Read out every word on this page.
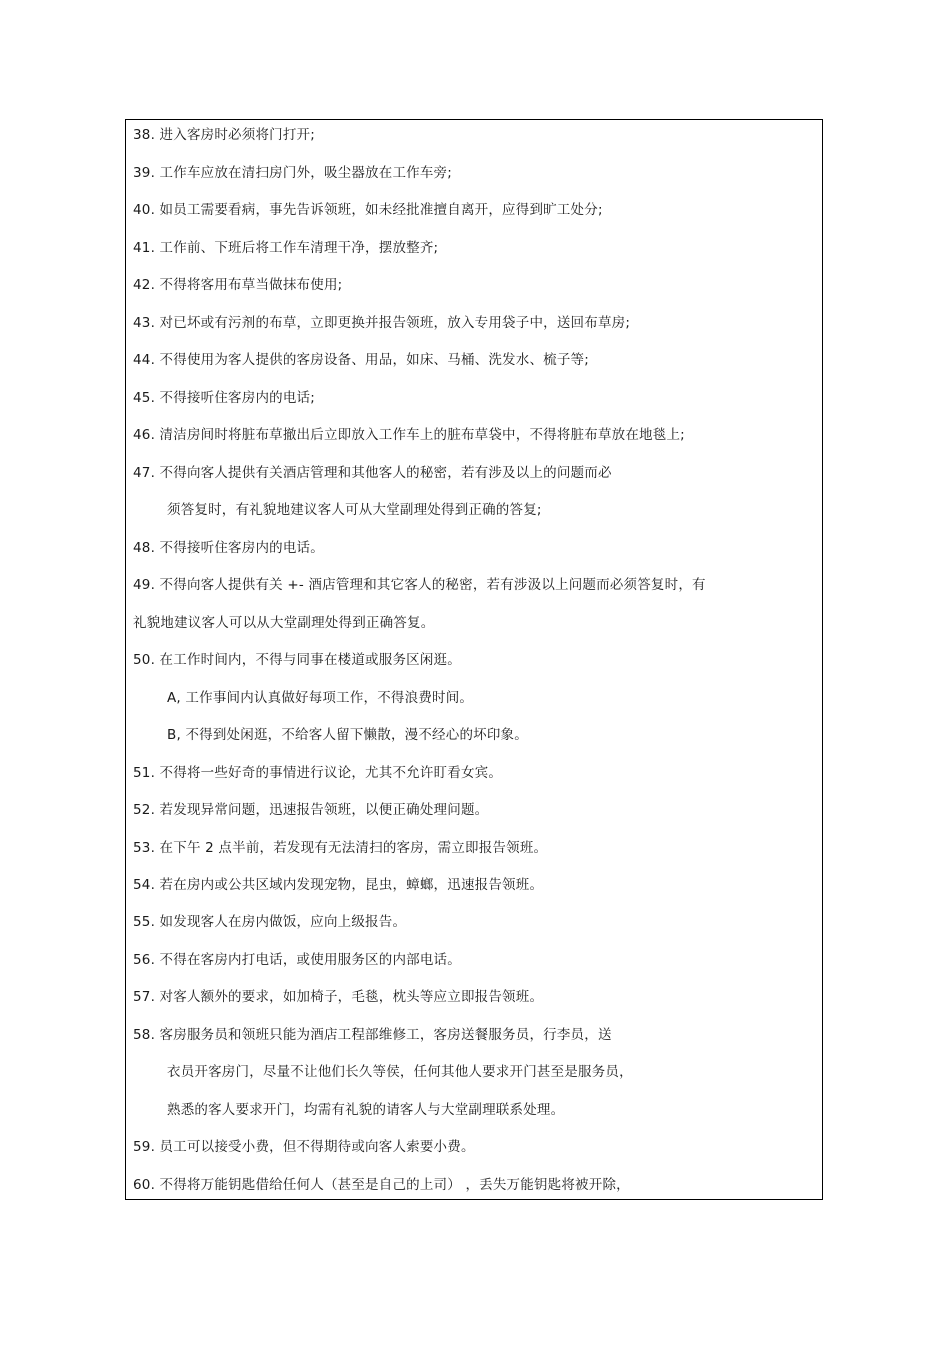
38. 进入客房时必须将门打开;
39. 工作车应放在清扫房门外，吸尘器放在工作车旁;
40. 如员工需要看病，事先告诉领班，如未经批准擅自离开，应得到旷工处分;
41. 工作前、下班后将工作车清理干净，摆放整齐;
42. 不得将客用布草当做抹布使用;
43. 对已坏或有污剂的布草，立即更换并报告领班，放入专用袋子中，送回布草房;
44. 不得使用为客人提供的客房设备、用品，如床、马桶、洗发水、梳子等;
45. 不得接听住客房内的电话;
46. 清洁房间时将脏布草撤出后立即放入工作车上的脏布草袋中，不得将脏布草放在地毯上;
47. 不得向客人提供有关酒店管理和其他客人的秘密，若有涉及以上的问题而必
须答复时，有礼貌地建议客人可从大堂副理处得到正确的答复;
48. 不得接听住客房内的电话。
49. 不得向客人提供有关 +- 酒店管理和其它客人的秘密，若有涉汲以上问题而必须答复时，有
礼貌地建议客人可以从大堂副理处得到正确答复。
50. 在工作时间内，不得与同事在楼道或服务区闲逛。
A, 工作事间内认真做好每项工作，不得浪费时间。
B, 不得到处闲逛，不给客人留下懒散，漫不经心的坏印象。
51. 不得将一些好奇的事情进行议论，尤其不允许盯看女宾。
52. 若发现异常问题，迅速报告领班，以便正确处理问题。
53. 在下午 2 点半前，若发现有无法清扫的客房，需立即报告领班。
54. 若在房内或公共区域内发现宠物，昆虫，蟑螂，迅速报告领班。
55. 如发现客人在房内做饭，应向上级报告。
56. 不得在客房内打电话，或使用服务区的内部电话。
57. 对客人额外的要求，如加椅子，毛毯，枕头等应立即报告领班。
58. 客房服务员和领班只能为酒店工程部维修工，客房送餐服务员，行李员，送
衣员开客房门，尽量不让他们长久等侯，任何其他人要求开门甚至是服务员，
熟悉的客人要求开门，均需有礼貌的请客人与大堂副理联系处理。
59. 员工可以接受小费，但不得期待或向客人索要小费。
60. 不得将万能钥匙借给任何人（甚至是自己的上司） ，丢失万能钥匙将被开除，
